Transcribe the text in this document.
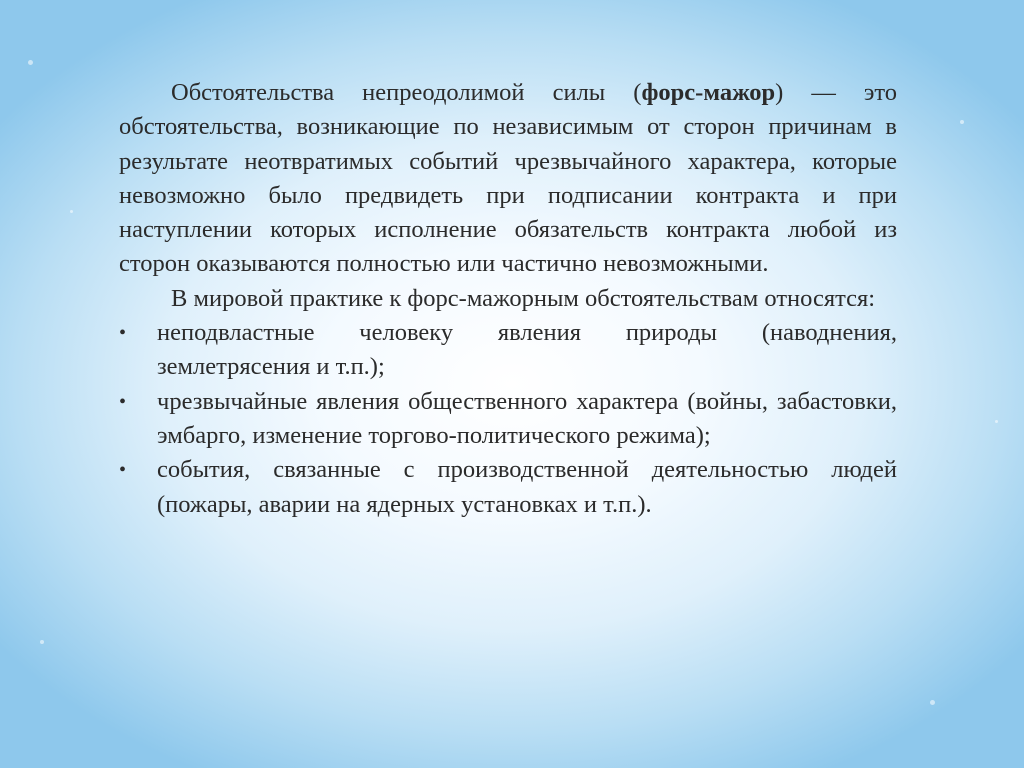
Обстоятельства непреодолимой силы (форс-мажор) — это обстоятельства, возникающие по независимым от сторон причинам в результате неотвратимых событий чрезвычайного характера, которые невозможно было предвидеть при подписании контракта и при наступлении которых исполнение обязательств контракта любой из сторон оказываются полностью или частично невозможными.

В мировой практике к форс-мажорным обстоятельствам относятся:

• неподвластные человеку явления природы (наводнения, землетрясения и т.п.);
• чрезвычайные явления общественного характера (войны, забастовки, эмбарго, изменение торгово-политического режима);
• события, связанные с производственной деятельностью людей (пожары, аварии на ядерных установках и т.п.).
